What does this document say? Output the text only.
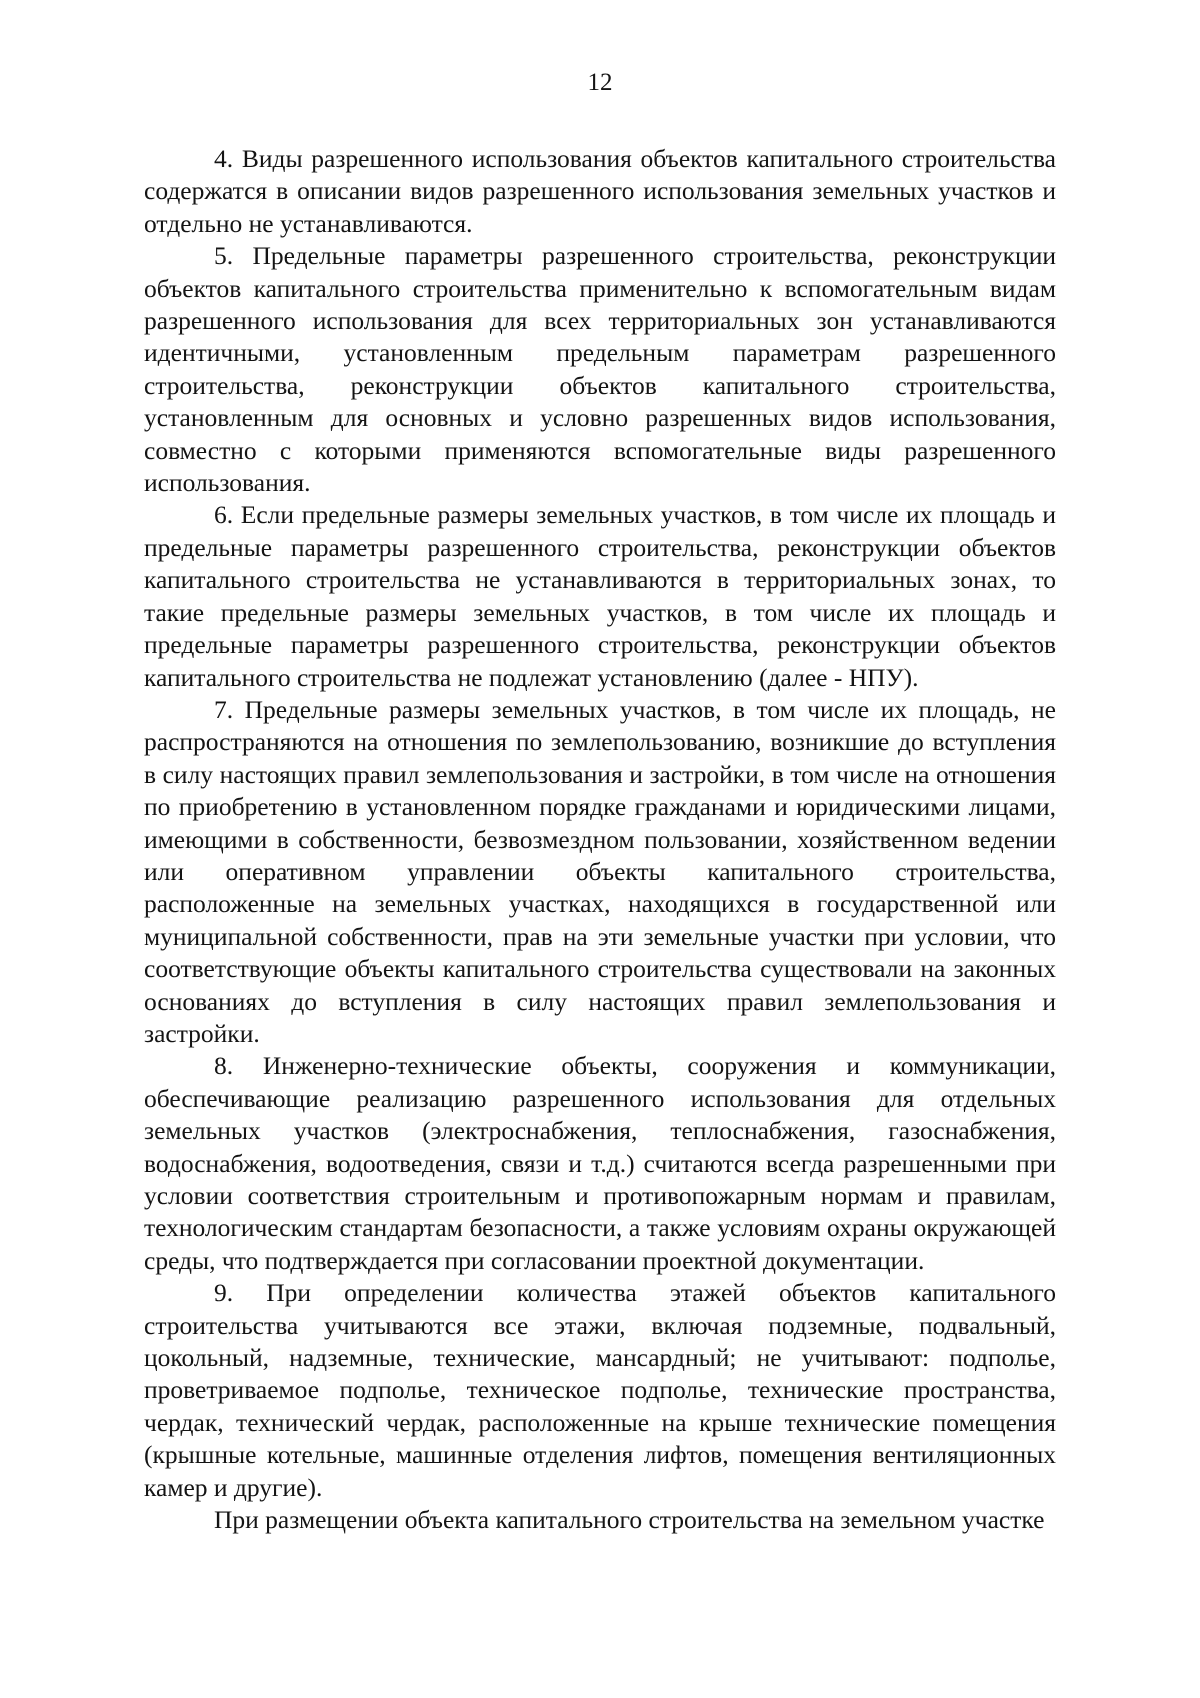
12

4. Виды разрешенного использования объектов капитального строительства содержатся в описании видов разрешенного использования земельных участков и отдельно не устанавливаются.

5. Предельные параметры разрешенного строительства, реконструкции объектов капитального строительства применительно к вспомогательным видам разрешенного использования для всех территориальных зон устанавливаются идентичными, установленным предельным параметрам разрешенного строительства, реконструкции объектов капитального строительства, установленным для основных и условно разрешенных видов использования, совместно с которыми применяются вспомогательные виды разрешенного использования.

6. Если предельные размеры земельных участков, в том числе их площадь и предельные параметры разрешенного строительства, реконструкции объектов капитального строительства не устанавливаются в территориальных зонах, то такие предельные размеры земельных участков, в том числе их площадь и предельные параметры разрешенного строительства, реконструкции объектов капитального строительства не подлежат установлению (далее - НПУ).

7. Предельные размеры земельных участков, в том числе их площадь, не распространяются на отношения по землепользованию, возникшие до вступления в силу настоящих правил землепользования и застройки, в том числе на отношения по приобретению в установленном порядке гражданами и юридическими лицами, имеющими в собственности, безвозмездном пользовании, хозяйственном ведении или оперативном управлении объекты капитального строительства, расположенные на земельных участках, находящихся в государственной или муниципальной собственности, прав на эти земельные участки при условии, что соответствующие объекты капитального строительства существовали на законных основаниях до вступления в силу настоящих правил землепользования и застройки.

8. Инженерно-технические объекты, сооружения и коммуникации, обеспечивающие реализацию разрешенного использования для отдельных земельных участков (электроснабжения, теплоснабжения, газоснабжения, водоснабжения, водоотведения, связи и т.д.) считаются всегда разрешенными при условии соответствия строительным и противопожарным нормам и правилам, технологическим стандартам безопасности, а также условиям охраны окружающей среды, что подтверждается при согласовании проектной документации.

9. При определении количества этажей объектов капитального строительства учитываются все этажи, включая подземные, подвальный, цокольный, надземные, технические, мансардный; не учитывают: подполье, проветриваемое подполье, техническое подполье, технические пространства, чердак, технический чердак, расположенные на крыше технические помещения (крышные котельные, машинные отделения лифтов, помещения вентиляционных камер и другие).

При размещении объекта капитального строительства на земельном участке
